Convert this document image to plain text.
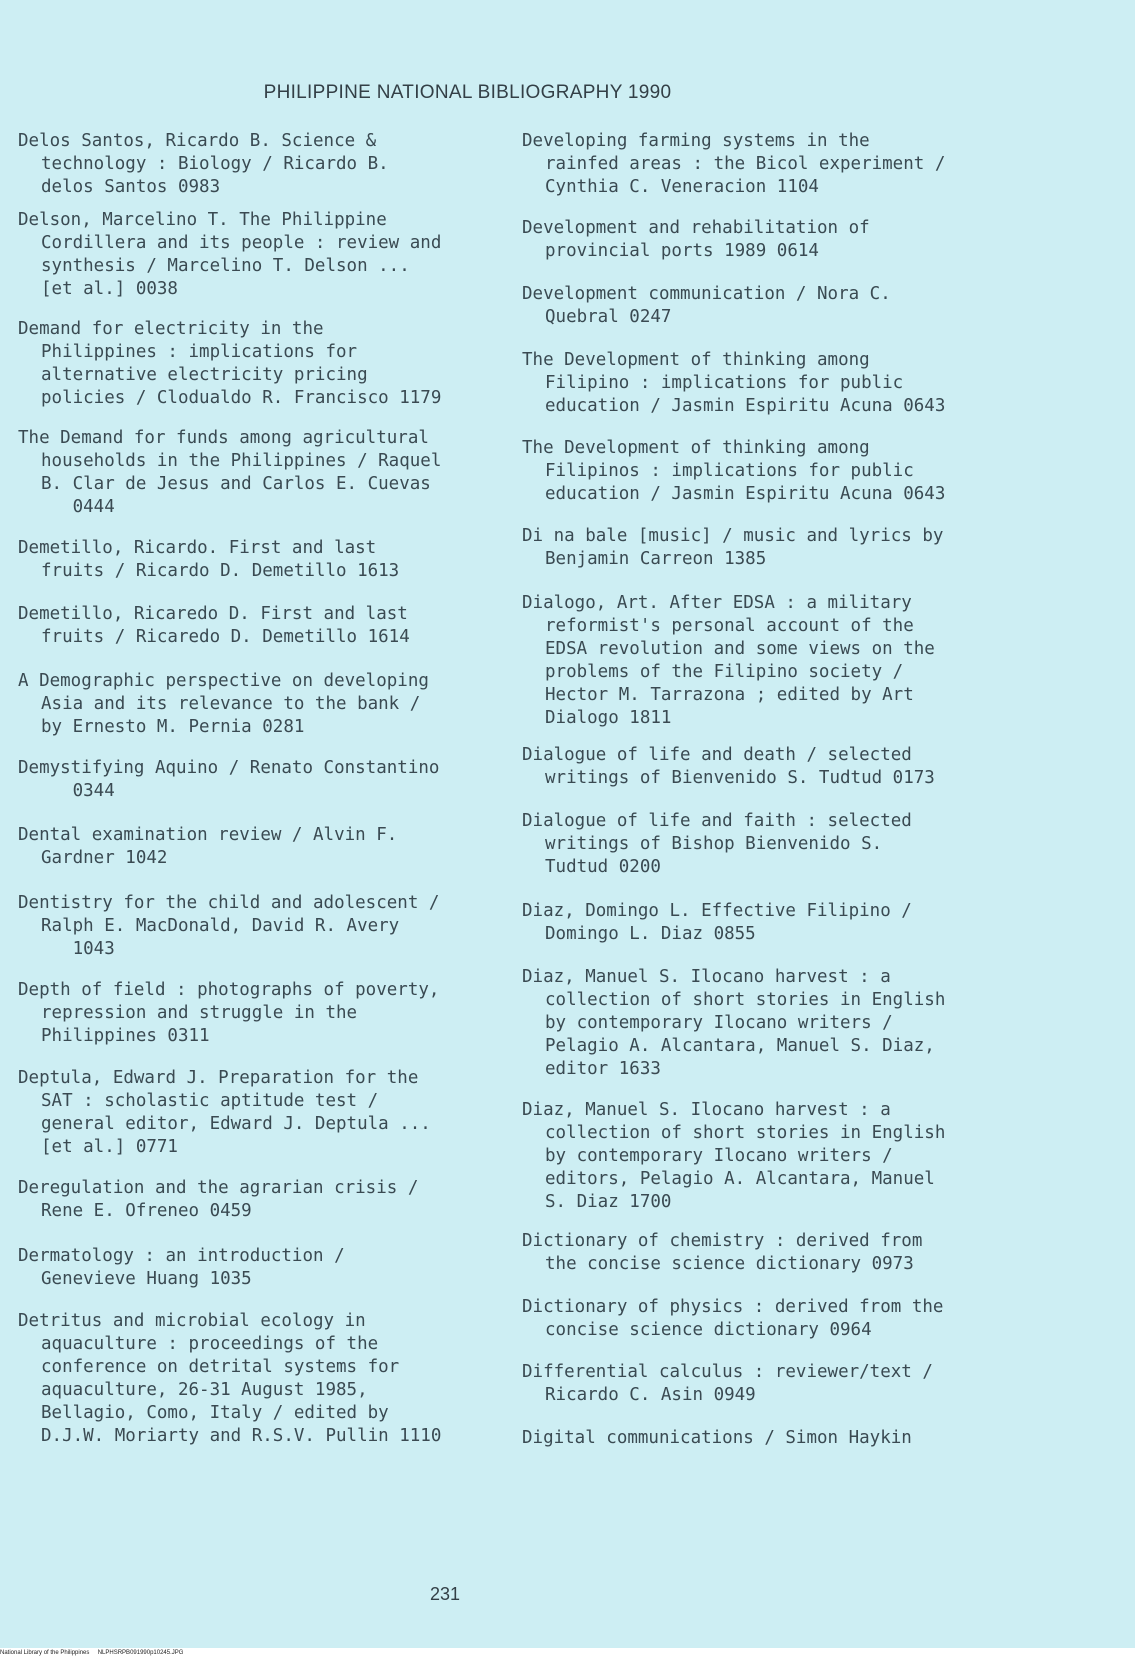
PHILIPPINE NATIONAL BIBLIOGRAPHY 1990

Delos Santos, Ricardo B. Science &
technology : Biology / Ricardo B.
delos Santos 0983

Delson, Marcelino T. The Philippine
Cordillera and its people : review and
synthesis / Marcelino T. Delson ...
[et al.] 0038

Demand for electricity in the
Philippines : implications for
alternative electricity pricing
policies / Clodualdo R. Francisco 1179

The Demand for funds among agricultural
households in the Philippines / Raquel
B. Clar de Jesus and Carlos E. Cuevas
0444

Demetillo, Ricardo. First and last
fruits / Ricardo D. Demetillo 1613

Demetillo, Ricaredo D. First and last
fruits / Ricaredo D. Demetillo 1614

A Demographic perspective on developing
Asia and its relevance to the bank /
by Ernesto M. Pernia 0281

Demystifying Aquino / Renato Constantino
0344

Dental examination review / Alvin F.
Gardner 1042

Dentistry for the child and adolescent /
Ralph E. MacDonald, David R. Avery
1043

Depth of field : photographs of poverty,
repression and struggle in the
Philippines 0311

Deptula, Edward J. Preparation for the
SAT : scholastic aptitude test /
general editor, Edward J. Deptula ...
[et al.] 0771

Deregulation and the agrarian crisis /
Rene E. Ofreneo 0459

Dermatology : an introduction /
Genevieve Huang 1035

Detritus and microbial ecology in
aquaculture : proceedings of the
conference on detrital systems for
aquaculture, 26-31 August 1985,
Bellagio, Como, Italy / edited by
D.J.W. Moriarty and R.S.V. Pullin 1110

Developing farming systems in the
rainfed areas : the Bicol experiment /
Cynthia C. Veneracion 1104

Development and rehabilitation of
provincial ports 1989 0614

Development communication / Nora C.
Quebral 0247

The Development of thinking among
Filipino : implications for public
education / Jasmin Espiritu Acuna 0643

The Development of thinking among
Filipinos : implications for public
education / Jasmin Espiritu Acuna 0643

Di na bale [music] / music and lyrics by
Benjamin Carreon 1385

Dialogo, Art. After EDSA : a military
reformist's personal account of the
EDSA revolution and some views on the
problems of the Filipino society /
Hector M. Tarrazona ; edited by Art
Dialogo 1811

Dialogue of life and death / selected
writings of Bienvenido S. Tudtud 0173

Dialogue of life and faith : selected
writings of Bishop Bienvenido S.
Tudtud 0200

Diaz, Domingo L. Effective Filipino /
Domingo L. Diaz 0855

Diaz, Manuel S. Ilocano harvest : a
collection of short stories in English
by contemporary Ilocano writers /
Pelagio A. Alcantara, Manuel S. Diaz,
editor 1633

Diaz, Manuel S. Ilocano harvest : a
collection of short stories in English
by contemporary Ilocano writers /
editors, Pelagio A. Alcantara, Manuel
S. Diaz 1700

Dictionary of chemistry : derived from
the concise science dictionary 0973

Dictionary of physics : derived from the
concise science dictionary 0964

Differential calculus : reviewer/text /
Ricardo C. Asin 0949

Digital communications / Simon Haykin

231
National Library of the Philippines     NLPHSRPB091990p10245.JPG
